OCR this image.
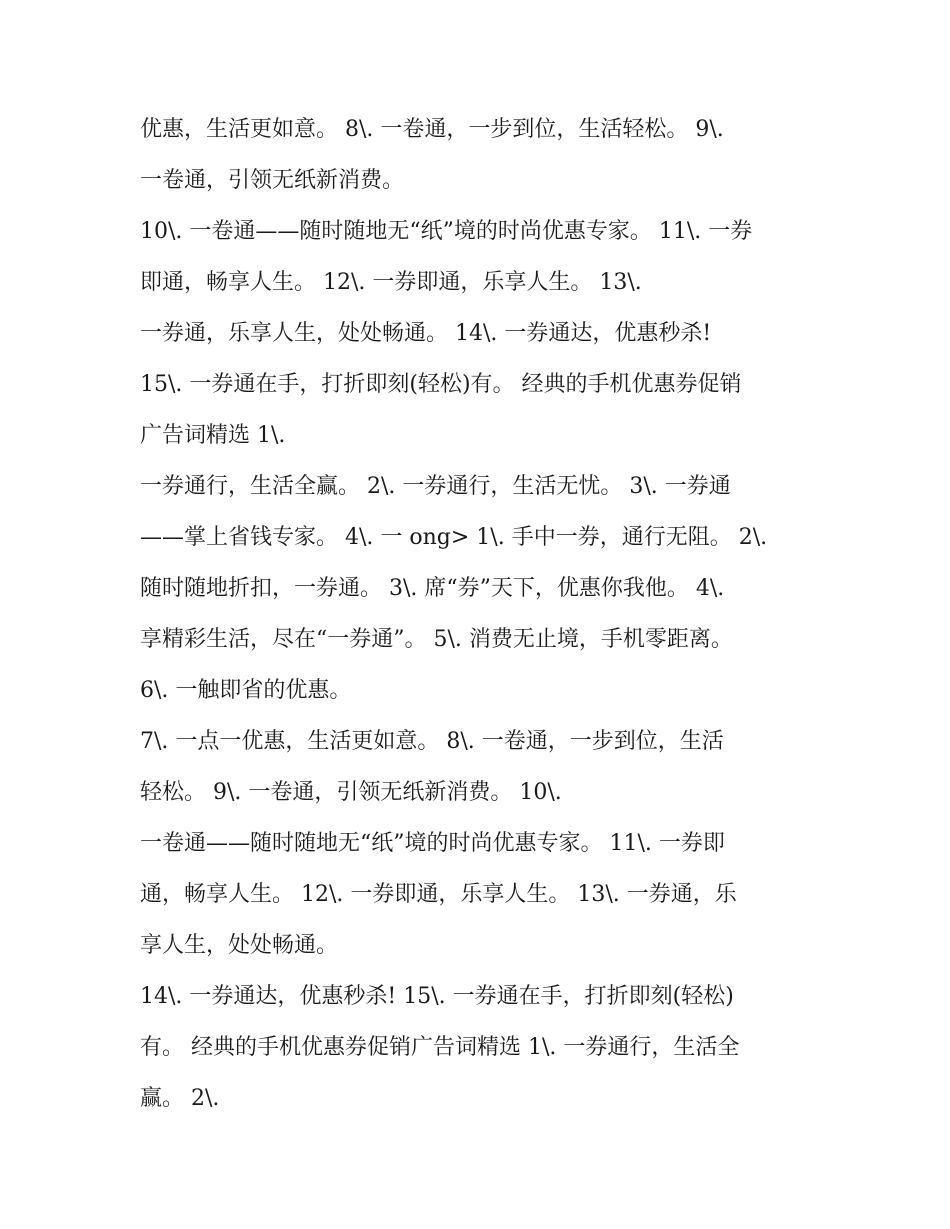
优惠，生活更如意。 8\. 一卷通，一步到位，生活轻松。 9\.
一卷通，引领无纸新消费。
10\. 一卷通——随时随地无“纸”境的时尚优惠专家。 11\. 一券
即通，畅享人生。 12\. 一券即通，乐享人生。 13\.
一券通，乐享人生，处处畅通。 14\. 一券通达，优惠秒杀!
15\. 一券通在手，打折即刻(轻松)有。 经典的手机优惠券促销
广告词精选 1\.
一券通行，生活全赢。 2\. 一券通行，生活无忧。 3\. 一券通
——掌上省钱专家。 4\. 一 ong> 1\. 手中一券，通行无阻。 2\.
随时随地折扣，一券通。 3\. 席“券”天下，优惠你我他。 4\.
享精彩生活，尽在“一券通”。 5\. 消费无止境，手机零距离。
6\. 一触即省的优惠。
7\. 一点一优惠，生活更如意。 8\. 一卷通，一步到位，生活
轻松。 9\. 一卷通，引领无纸新消费。 10\.
一卷通——随时随地无“纸”境的时尚优惠专家。 11\. 一券即
通，畅享人生。 12\. 一券即通，乐享人生。 13\. 一券通，乐
享人生，处处畅通。
14\. 一券通达，优惠秒杀! 15\. 一券通在手，打折即刻(轻松)
有。 经典的手机优惠券促销广告词精选 1\. 一券通行，生活全
赢。 2\.
